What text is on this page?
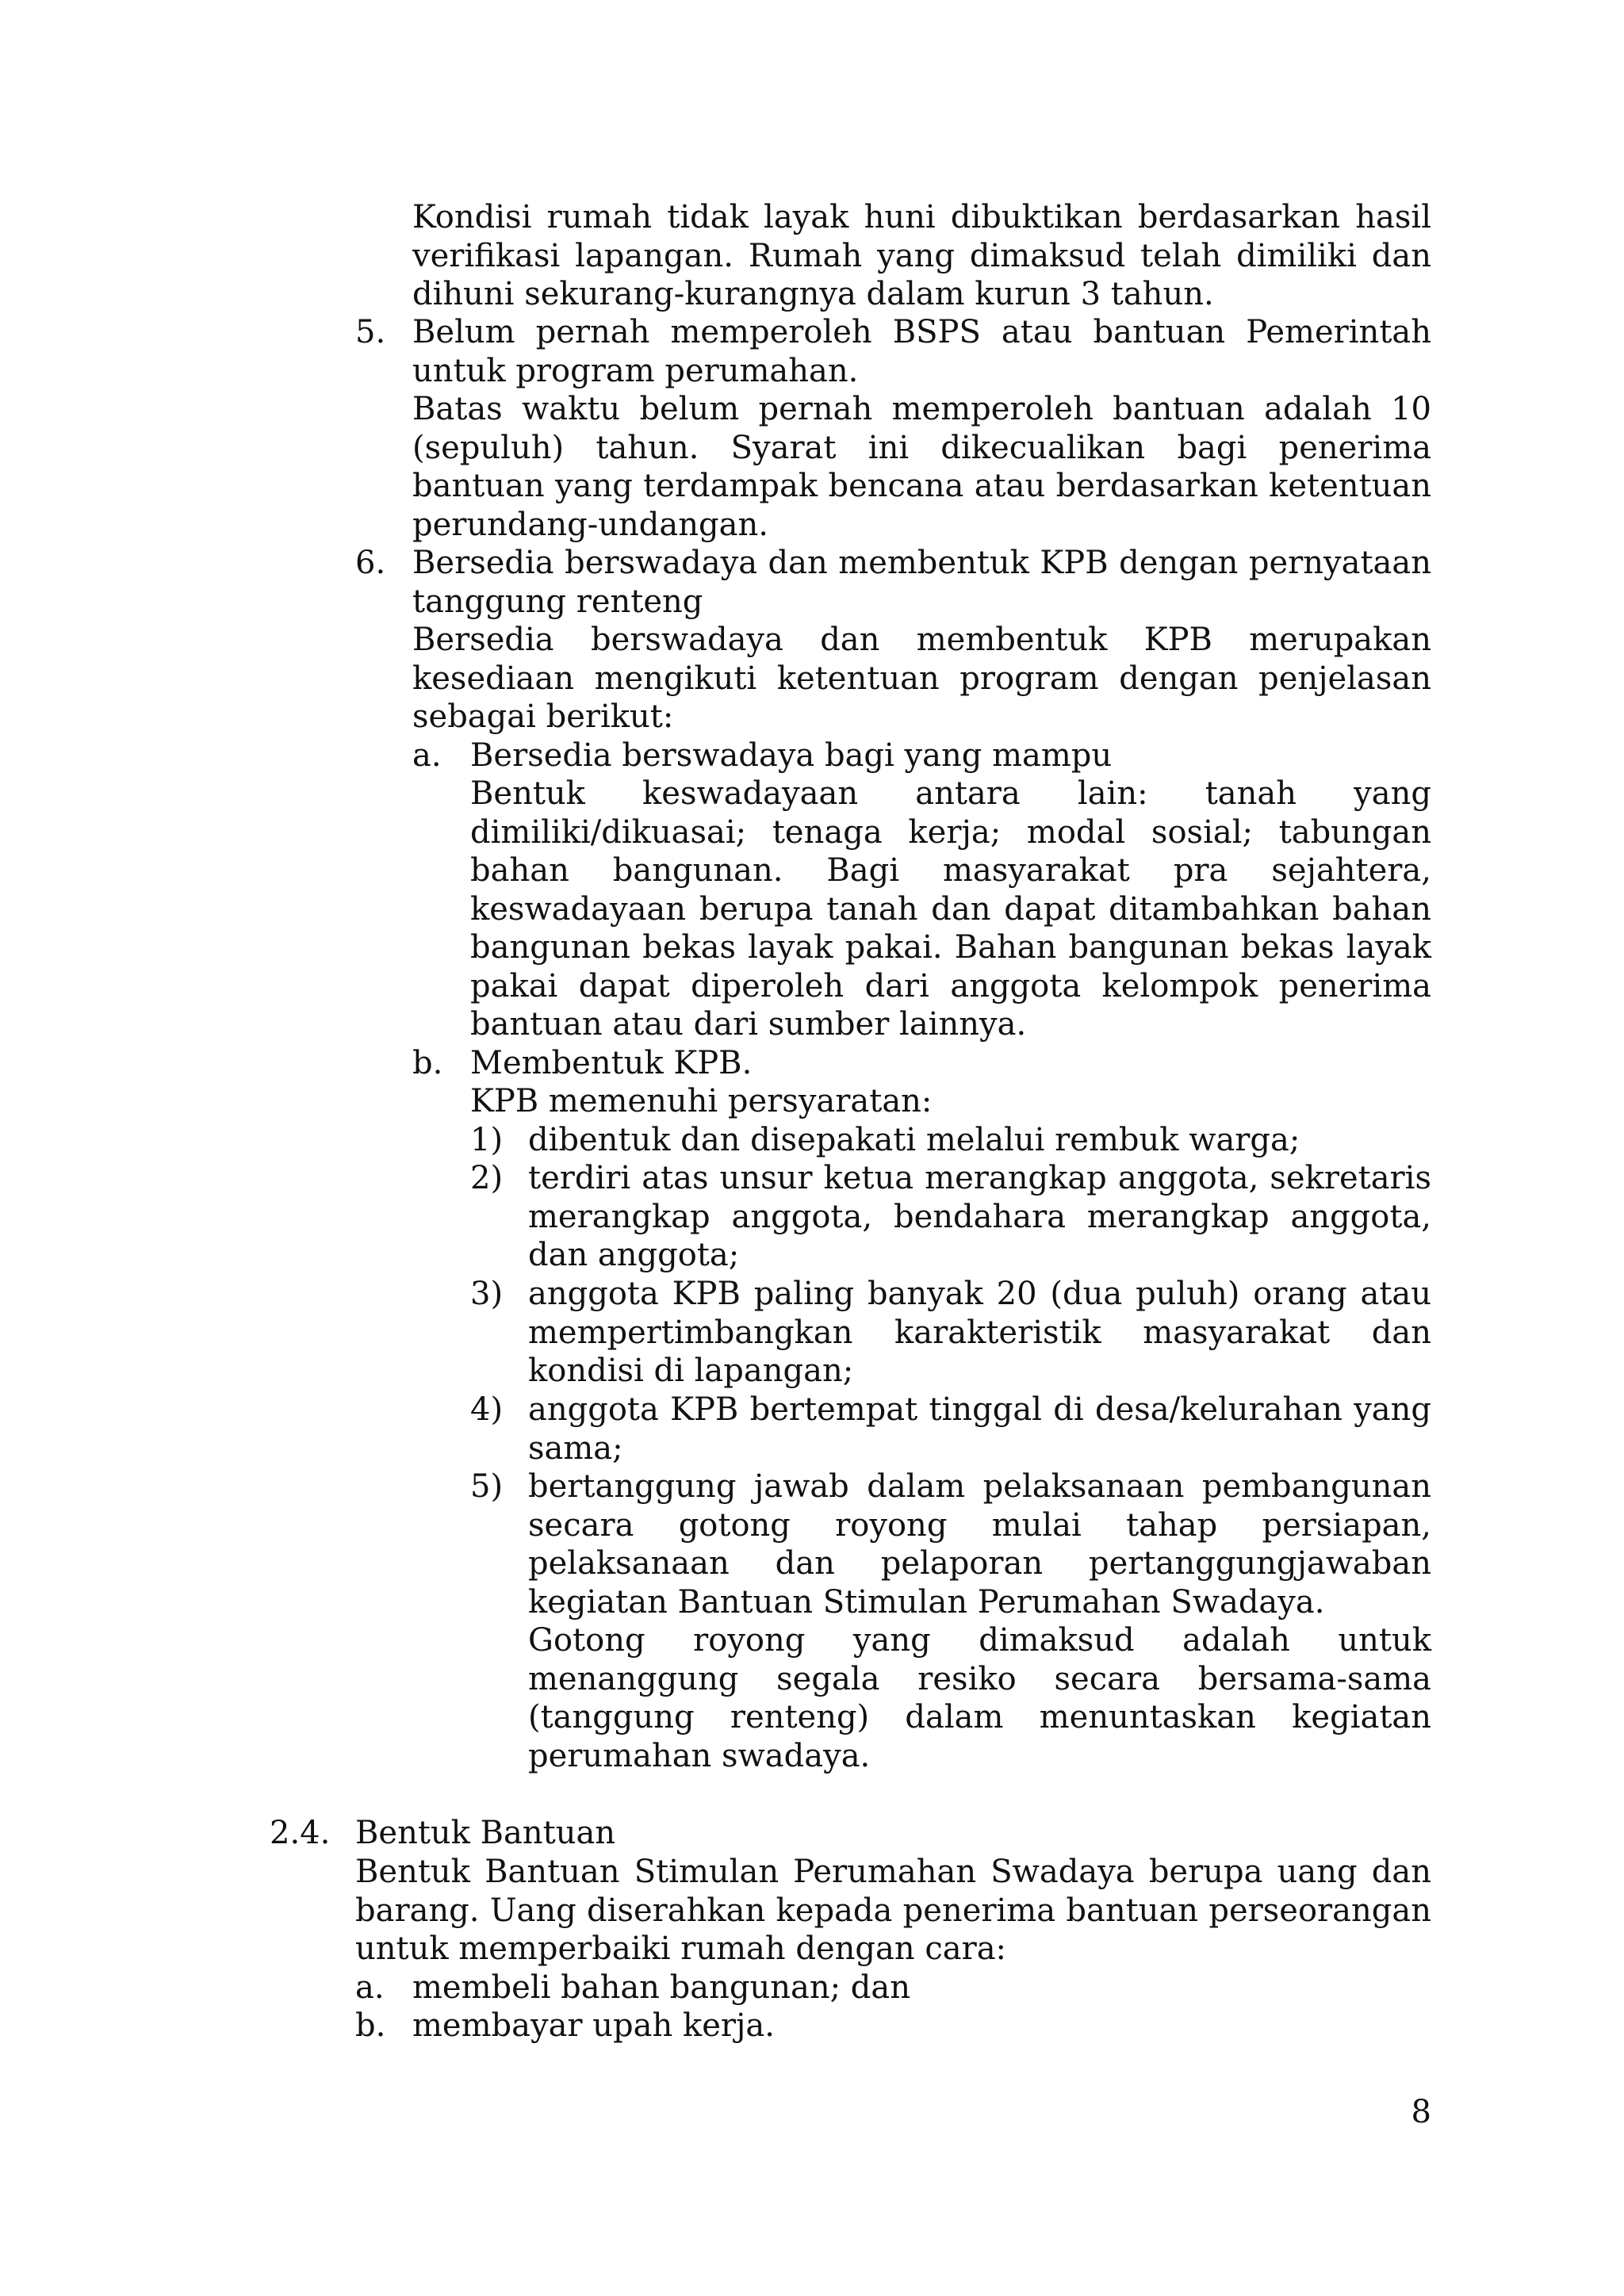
Kondisi rumah tidak layak huni dibuktikan berdasarkan hasil verifikasi lapangan. Rumah yang dimaksud telah dimiliki dan dihuni sekurang-kurangnya dalam kurun 3 tahun.

5. Belum pernah memperoleh BSPS atau bantuan Pemerintah untuk program perumahan.

Batas waktu belum pernah memperoleh bantuan adalah 10 (sepuluh) tahun. Syarat ini dikecualikan bagi penerima bantuan yang terdampak bencana atau berdasarkan ketentuan perundang-undangan.

6. Bersedia berswadaya dan membentuk KPB dengan pernyataan tanggung renteng

Bersedia berswadaya dan membentuk KPB merupakan kesediaan mengikuti ketentuan program dengan penjelasan sebagai berikut:

a. Bersedia berswadaya bagi yang mampu

Bentuk keswadayaan antara lain: tanah yang dimiliki/dikuasai; tenaga kerja; modal sosial; tabungan bahan bangunan. Bagi masyarakat pra sejahtera, keswadayaan berupa tanah dan dapat ditambahkan bahan bangunan bekas layak pakai. Bahan bangunan bekas layak pakai dapat diperoleh dari anggota kelompok penerima bantuan atau dari sumber lainnya.

b. Membentuk KPB.

KPB memenuhi persyaratan:

1) dibentuk dan disepakati melalui rembuk warga;

2) terdiri atas unsur ketua merangkap anggota, sekretaris merangkap anggota, bendahara merangkap anggota, dan anggota;

3) anggota KPB paling banyak 20 (dua puluh) orang atau mempertimbangkan karakteristik masyarakat dan kondisi di lapangan;

4) anggota KPB bertempat tinggal di desa/kelurahan yang sama;

5) bertanggung jawab dalam pelaksanaan pembangunan secara gotong royong mulai tahap persiapan, pelaksanaan dan pelaporan pertanggungjawaban kegiatan Bantuan Stimulan Perumahan Swadaya.

Gotong royong yang dimaksud adalah untuk menanggung segala resiko secara bersama-sama (tanggung renteng) dalam menuntaskan kegiatan perumahan swadaya.

2.4. Bentuk Bantuan

Bentuk Bantuan Stimulan Perumahan Swadaya berupa uang dan barang. Uang diserahkan kepada penerima bantuan perseorangan untuk memperbaiki rumah dengan cara:

a. membeli bahan bangunan; dan

b. membayar upah kerja.

8
